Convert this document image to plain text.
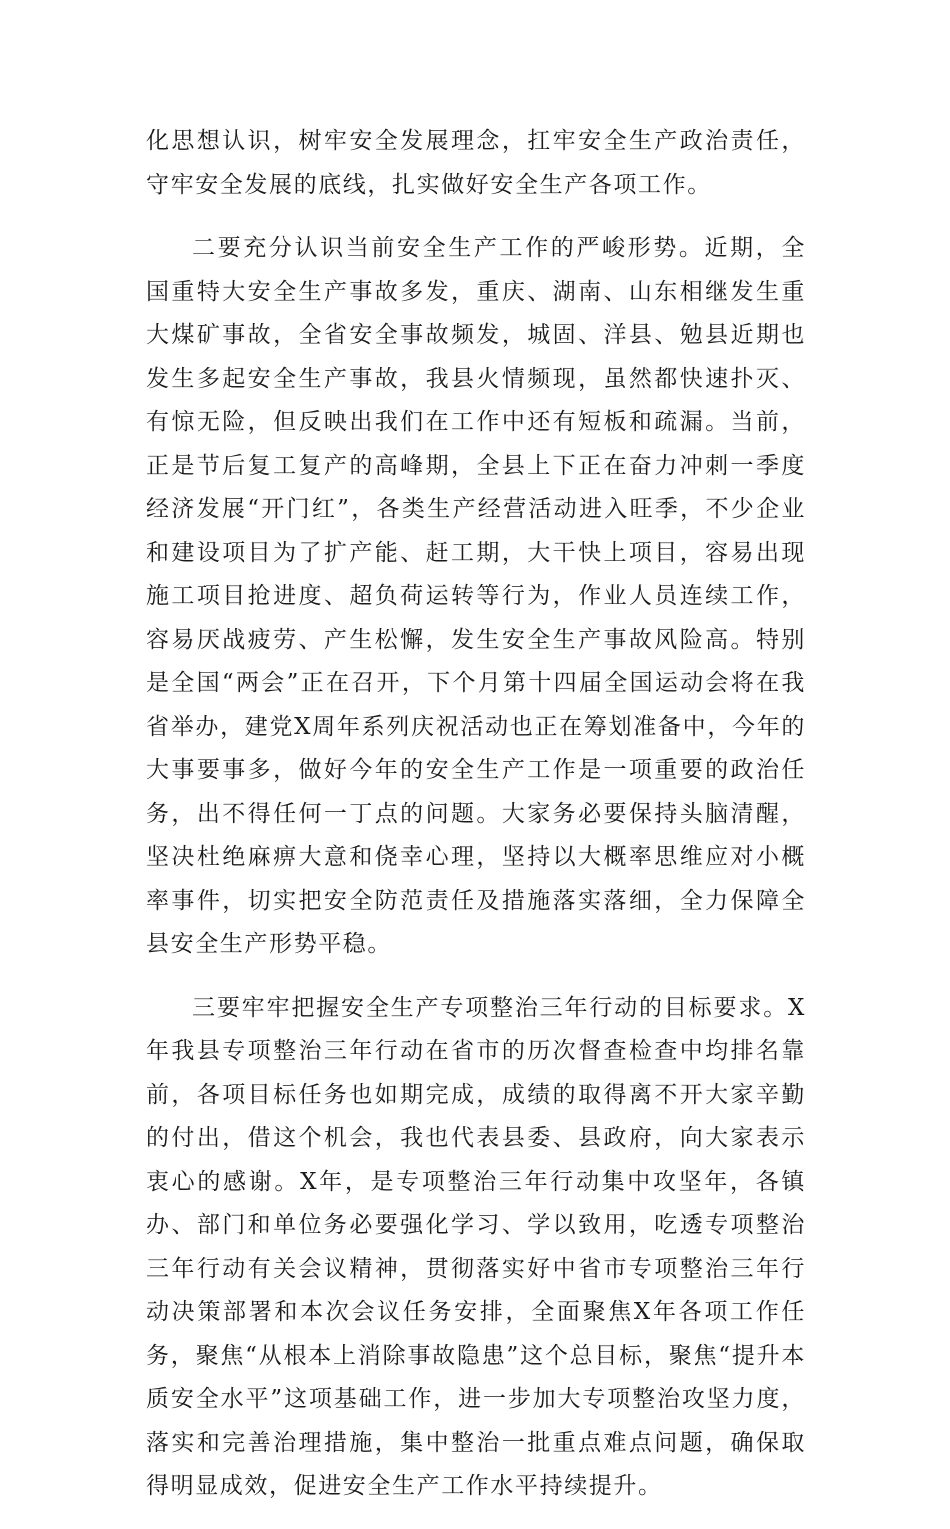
化思想认识，树牢安全发展理念，扛牢安全生产政治责任，守牢安全发展的底线，扎实做好安全生产各项工作。

二要充分认识当前安全生产工作的严峻形势。近期，全国重特大安全生产事故多发，重庆、湖南、山东相继发生重大煤矿事故，全省安全事故频发，城固、洋县、勉县近期也发生多起安全生产事故，我县火情频现，虽然都快速扑灭、有惊无险，但反映出我们在工作中还有短板和疏漏。当前，正是节后复工复产的高峰期，全县上下正在奋力冲刺一季度经济发展“开门红”，各类生产经营活动进入旺季，不少企业和建设项目为了扩产能、赶工期，大干快上项目，容易出现施工项目抢进度、超负荷运转等行为，作业人员连续工作，容易厌战疲劳、产生松懈，发生安全生产事故风险高。特别是全国“两会”正在召开，下个月第十四届全国运动会将在我省举办，建党X周年系列庆祝活动也正在筹划准备中，今年的大事要事多，做好今年的安全生产工作是一项重要的政治任务，出不得任何一丁点的问题。大家务必要保持头脑清醒，坚决杜绝麻痹大意和侥幸心理，坚持以大概率思维应对小概率事件，切实把安全防范责任及措施落实落细，全力保障全县安全生产形势平稳。

三要牢牢把握安全生产专项整治三年行动的目标要求。X年我县专项整治三年行动在省市的历次督查检查中均排名靠前，各项目标任务也如期完成，成绩的取得离不开大家辛勤的付出，借这个机会，我也代表县委、县政府，向大家表示衷心的感谢。X年，是专项整治三年行动集中攻坚年，各镇办、部门和单位务必要强化学习、学以致用，吃透专项整治三年行动有关会议精神，贯彻落实好中省市专项整治三年行动决策部署和本次会议任务安排，全面聚焦X年各项工作任务，聚焦“从根本上消除事故隐患”这个总目标，聚焦“提升本质安全水平”这项基础工作，进一步加大专项整治攻坚力度，落实和完善治理措施，集中整治一批重点难点问题，确保取得明显成效，促进安全生产工作水平持续提升。
